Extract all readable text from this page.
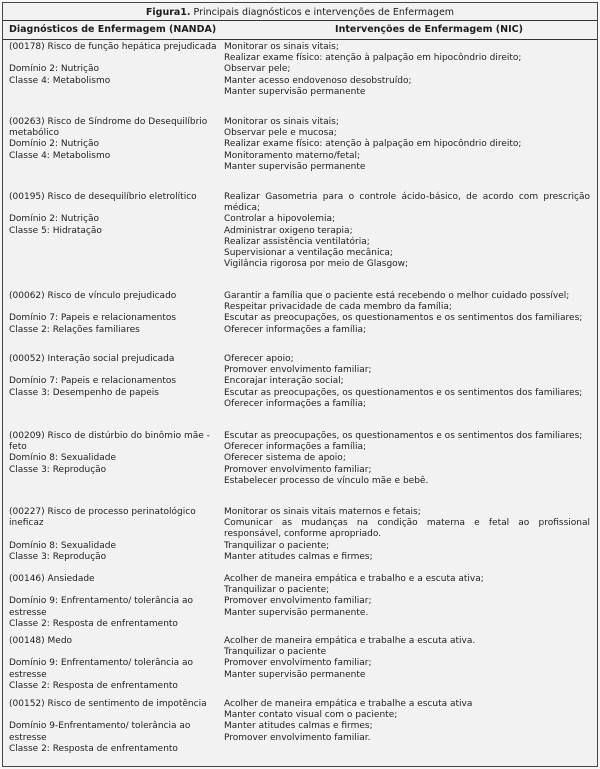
Figura1. Principais diagnósticos e intervenções de Enfermagem
Diagnósticos de Enfermagem (NANDA)	Intervenções de Enfermagem (NIC)
(00178) Risco de função hepática prejudicada
Domínio 2: Nutrição
Classe 4: Metabolismo
Monitorar os sinais vitais;
Realizar exame físico: atenção à palpação em hipocôndrio direito;
Observar pele;
Manter acesso endovenoso desobstruído;
Manter supervisão permanente
(00263) Risco de Síndrome do Desequilíbrio
metabólico
Domínio 2: Nutrição
Classe 4: Metabolismo
Monitorar os sinais vitais;
Observar pele e mucosa;
Realizar exame físico: atenção à palpação em hipocôndrio direito;
Monitoramento materno/fetal;
Manter supervisão permanente
(00195) Risco de desequilíbrio eletrolítico
Domínio 2: Nutrição
Classe 5: Hidratação
Realizar Gasometria para o controle ácido-básico, de acordo com prescrição médica;
Controlar a hipovolemia;
Administrar oxigeno terapia;
Realizar assistência ventilatória;
Supervisionar a ventilação mecânica;
Vigilância rigorosa por meio de Glasgow;
(00062) Risco de vínculo prejudicado
Domínio 7: Papeis e relacionamentos
Classe 2: Relações familiares
Garantir a família que o paciente está recebendo o melhor cuidado possível;
Respeitar privacidade de cada membro da família;
Escutar as preocupações, os questionamentos e os sentimentos dos familiares;
Oferecer informações a família;
(00052) Interação social prejudicada
Domínio 7: Papeis e relacionamentos
Classe 3: Desempenho de papeis
Oferecer apoio;
Promover envolvimento familiar;
Encorajar interação social;
Escutar as preocupações, os questionamentos e os sentimentos dos familiares;
Oferecer informações a família;
(00209) Risco de distúrbio do binômio mãe -
feto
Domínio 8: Sexualidade
Classe 3: Reprodução
Escutar as preocupações, os questionamentos e os sentimentos dos familiares;
Oferecer informações a família;
Oferecer sistema de apoio;
Promover envolvimento familiar;
Estabelecer processo de vínculo mãe e bebê.
(00227) Risco de processo perinatológico
ineficaz
Domínio 8: Sexualidade
Classe 3: Reprodução
Monitorar os sinais vitais maternos e fetais;
Comunicar as mudanças na condição materna e fetal ao profissional responsável, conforme apropriado.
Tranquilizar o paciente;
Manter atitudes calmas e firmes;
(00146) Ansiedade
Domínio 9: Enfrentamento/ tolerância ao
estresse
Classe 2: Resposta de enfrentamento
Acolher de maneira empática e trabalho e a escuta ativa;
Tranquilizar o paciente;
Promover envolvimento familiar;
Manter supervisão permanente.
(00148) Medo
Domínio 9: Enfrentamento/ tolerância ao
estresse
Classe 2: Resposta de enfrentamento
Acolher de maneira empática e trabalhe a escuta ativa.
Tranquilizar o paciente
Promover envolvimento familiar;
Manter supervisão permanente
(00152) Risco de sentimento de impotência
Domínio 9-Enfrentamento/ tolerância ao
estresse
Classe 2: Resposta de enfrentamento
Acolher de maneira empática e trabalhe a escuta ativa
Manter contato visual com o paciente;
Manter atitudes calmas e firmes;
Promover envolvimento familiar.
